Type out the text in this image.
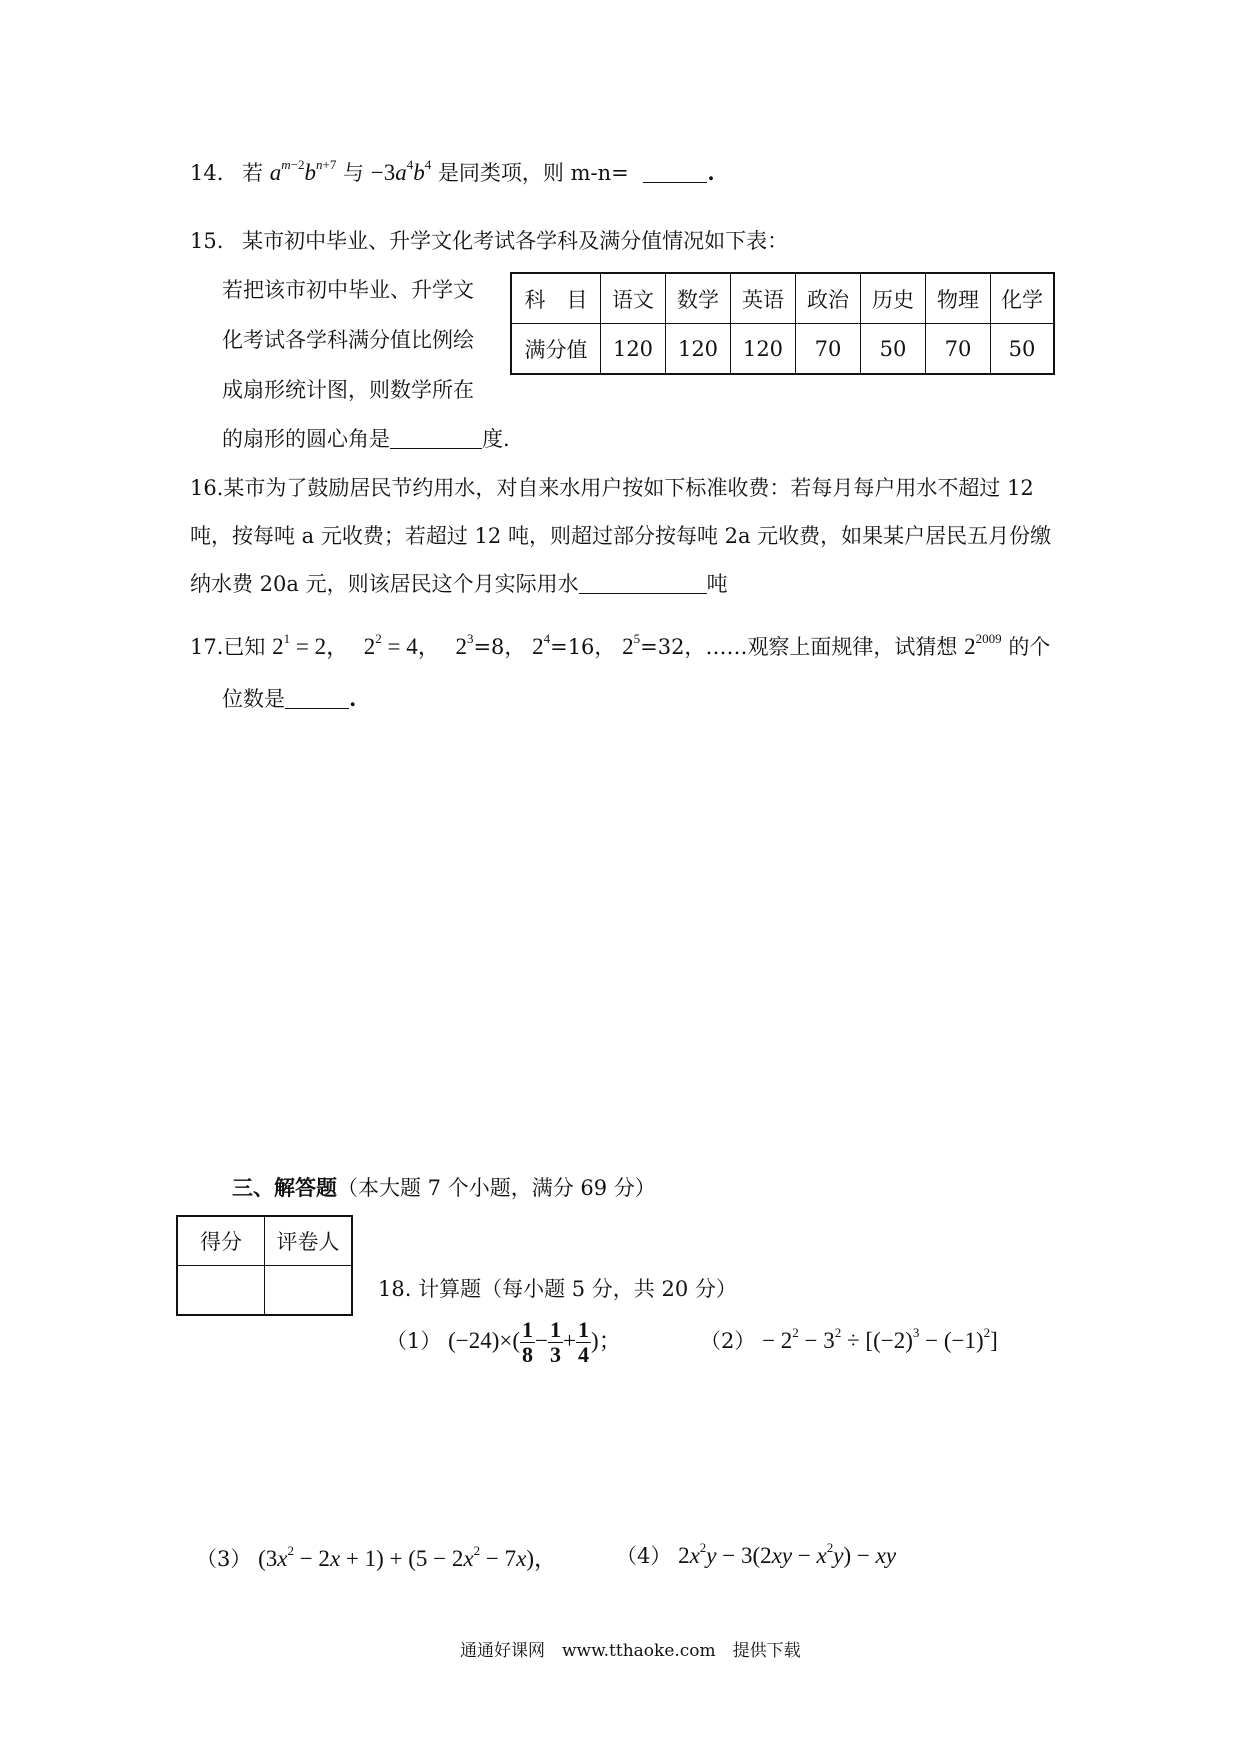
14. 若 $a^{m-2}b^{n+7}$ 与 $-3a^4b^4$ 是同类项，则 m-n=	.
15. 某市初中毕业、升学文化考试各学科及满分值情况如下表：
若把该市初中毕业、升学文
化考试各学科满分值比例绘
成扇形统计图，则数学所在
的扇形的圆心角是	度.
科　目	语文	数学	英语	政治	历史	物理	化学
满分值	120	120	120	70	50	70	50
16.某市为了鼓励居民节约用水，对自来水用户按如下标准收费：若每月每户用水不超过 12
吨，按每吨 a 元收费；若超过 12 吨，则超过部分按每吨 2a 元收费，如果某户居民五月份缴
纳水费 20a 元，则该居民这个月实际用水	吨
17.已知 $2^1 = 2$， $2^2 = 4$， $2^3=8$， $2^4=16$， $2^5=32$，……观察上面规律，试猜想 $2^{2009}$ 的个
位数是	.
三、解答题（本大题 7 个小题，满分 69 分）
得分	评卷人

18. 计算题（每小题 5 分，共 20 分）
（1） $(-24)\times( \frac{1}{8} - \frac{1}{3} + \frac{1}{4}$ )；	$(2) - 2^2 - 3^2 \div [(-2)^3 - (-1)^2]$
（3） $(3x^2 - 2x + 1) + (5 - 2x^2 - 7x)$，	（4） $2x^2y - 3(2xy - x^2y)$ − xy
通通好课网　www.tthaoke.com　提供下载
